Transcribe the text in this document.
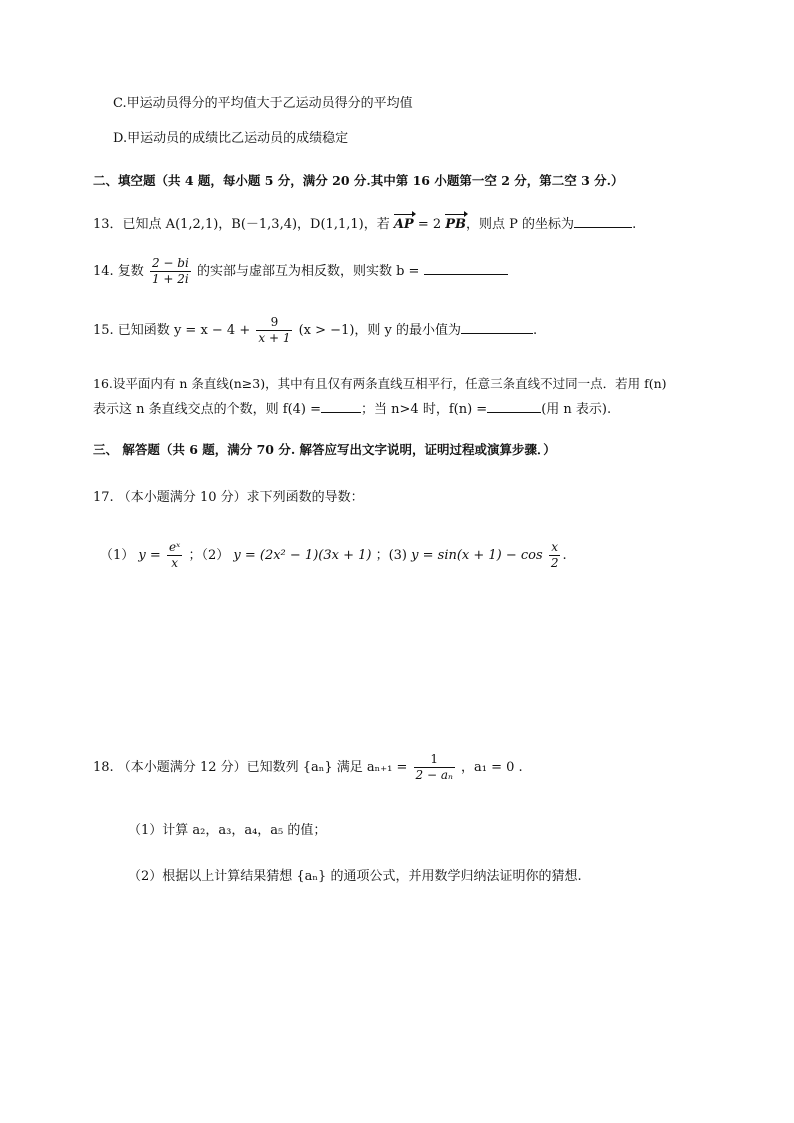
C.甲运动员得分的平均值大于乙运动员得分的平均值
D.甲运动员的成绩比乙运动员的成绩稳定
二、填空题（共 4 题，每小题 5 分，满分 20 分.其中第 16 小题第一空 2 分，第二空 3 分.）
13．已知点 A(1,2,1)，B(－1,3,4)，D(1,1,1)，若 AP = 2 PB，则点 P 的坐标为	.
14. 复数 $\frac{2 - bi}{1 + 2i}$ 的实部与虚部互为相反数，则实数 b =
15. 已知函数 $y = x - 4 + \frac{9}{x + 1} (x > -1)$，则 y 的最小值为	.
16.设平面内有 n 条直线(n≥3)，其中有且仅有两条直线互相平行，任意三条直线不过同一点．若用 f(n)
表示这 n 条直线交点的个数，则 f(4) =	；当 n>4 时，f(n) =	(用 n 表示).
三、 解答题（共 6 题，满分 70 分. 解答应写出文字说明，证明过程或演算步骤．）
17. （本小题满分 10 分）求下列函数的导数：
（1） $y = \frac{\text{eˣ}}{x}$ ；（2） y = (2x² − 1)(3x + 1) ；(3) $y = \sin(x + 1) - \cos \frac{x}{2}$ .
18. （本小题满分 12 分）已知数列 {aₙ} 满足 $a_{n+1} = \frac{1}{\text{2 − aₙ}}$ ，a₁ = 0 .
（1）计算 a₂，a₃，a₄，a₅ 的值；
（2）根据以上计算结果猜想 {aₙ} 的通项公式，并用数学归纳法证明你的猜想.
